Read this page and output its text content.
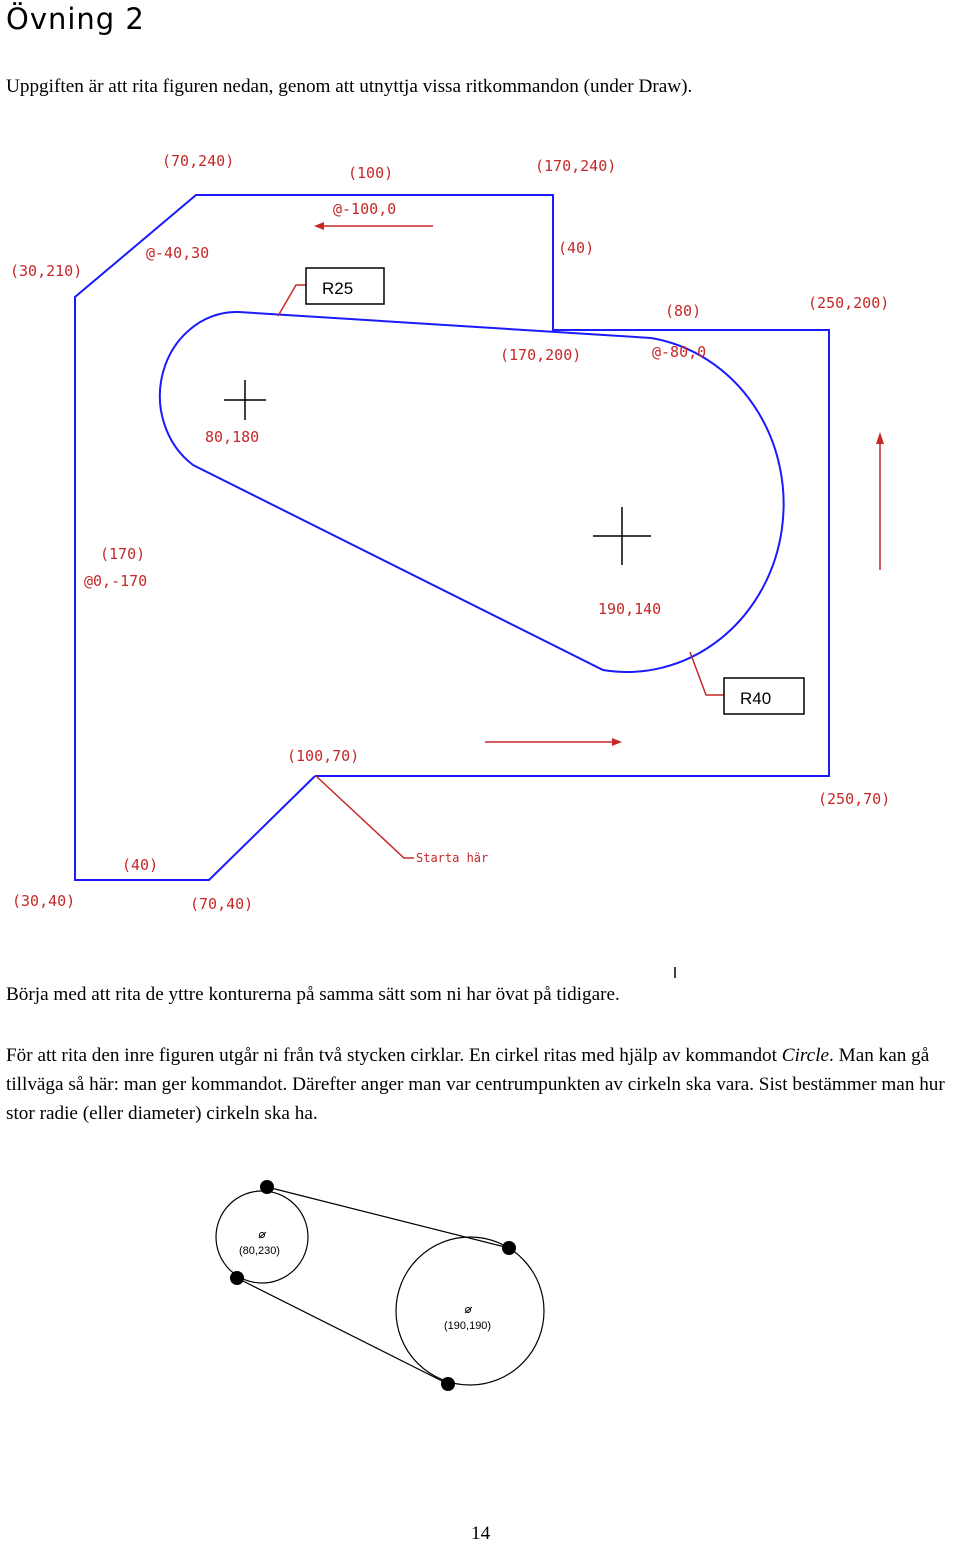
Övning 2
Uppgiften är att rita figuren nedan, genom att utnyttja vissa ritkommandon (under Draw).
R25
R40
(70,240)
(100)
@-100,0
(170,240)
(30,210)
@-40,30	(40)
(80)	(250,200)
(170,200)	@-80,0
80,180
(170)
@0,-170
190,140
(100,70)
(250,70)
Starta här
(40)
(30,40)	(70,40)
(80,230)
(190,190)
Börja med att rita de yttre konturerna på samma sätt som ni har övat på tidigare.

För att rita den inre figuren utgår ni från två stycken cirklar. En cirkel ritas med hjälp av kommandot Circle. Man kan gå tillväga så här: man ger kommandot. Därefter anger man var centrumpunkten av cirkeln ska vara. Sist bestämmer man hur stor radie (eller diameter) cirkeln ska ha.

14
